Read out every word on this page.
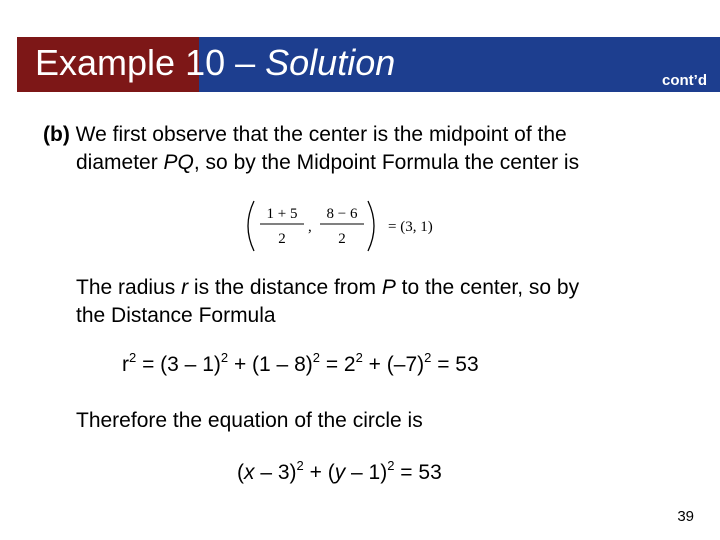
Example 10 – Solution	cont’d
(b) We first observe that the center is the midpoint of the
diameter PQ, so by the Midpoint Formula the center is
1 + 5
2
,
8 − 6
2
= (3, 1)
The radius r is the distance from P to the center, so by
the Distance Formula
$r^2 = (3 - 1)^2 + (1 - 8)^2 = 2^2 + (-7)^2 = 53$
Therefore the equation of the circle is
(x – 3)$^2$ + (y – 1)$^2$ = 53
39
